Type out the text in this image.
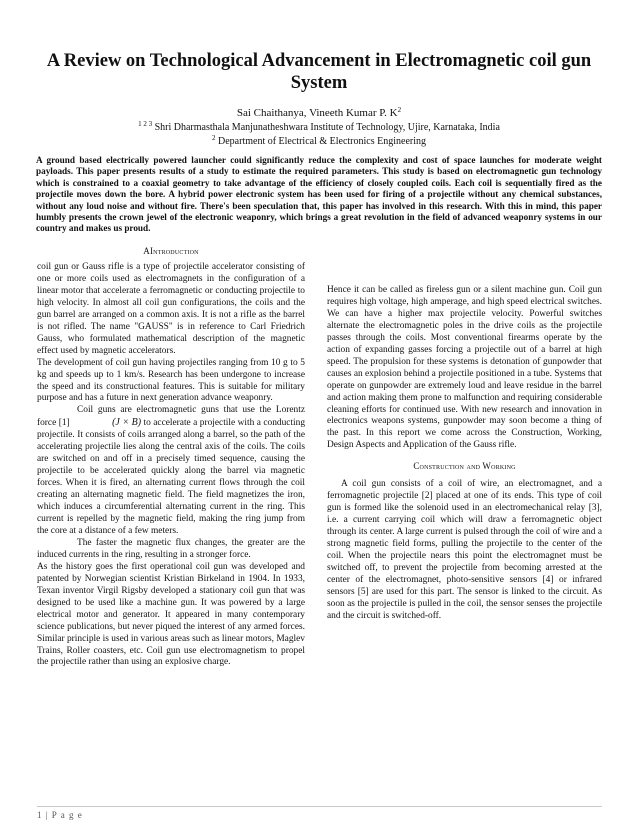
A Review on Technological Advancement in Electromagnetic coil gun System
Sai Chaithanya, Vineeth Kumar P. $K^2$
$^{1 2 3}$ Shri Dharmasthala Manjunatheshwara Institute of Technology, Ujire, Karnataka, India
$^2$ Department of Electrical & Electronics Engineering

A ground based electrically powered launcher could significantly reduce the complexity and cost of space launches for moderate weight payloads. This paper presents results of a study to estimate the required parameters. This study is based on electromagnetic gun technology which is constrained to a coaxial geometry to take advantage of the efficiency of closely coupled coils. Each coil is sequentially fired as the projectile moves down the bore. A hybrid power electronic system has been used for firing of a projectile without any chemical substances, without any loud noise and without fire. There's been speculation that, this paper has involved in this research. With this in mind, this paper humbly presents the crown jewel of the electronic weaponry, which brings a great revolution in the field of advanced weaponry systems in our country and makes us proud.

AIntroduction

coil gun or Gauss rifle is a type of projectile accelerator consisting of one or more coils used as electromagnets in the configuration of a linear motor that accelerate a ferromagnetic or conducting projectile to high velocity. In almost all coil gun configurations, the coils and the gun barrel are arranged on a common axis. It is not a rifle as the barrel is not rifled. The name "GAUSS" is in reference to Carl Friedrich Gauss, who formulated mathematical description of the magnetic effect used by magnetic accelerators.

The development of coil gun having projectiles ranging from 10 g to 5 kg and speeds up to 1 km/s. Research has been undergone to increase the speed and its constructional features. This is suitable for military purpose and has a future in next generation advance weaponry.

Coil guns are electromagnetic guns that use the Lorentz force [1]	(J × B) to accelerate a projectile with a conducting projectile. It consists of coils arranged along a barrel, so the path of the accelerating projectile lies along the central axis of the coils. The coils are switched on and off in a precisely timed sequence, causing the projectile to be accelerated quickly along the barrel via magnetic forces. When it is fired, an alternating current flows through the coil creating an alternating magnetic field. The field magnetizes the iron, which induces a circumferential alternating current in the ring. This current is repelled by the magnetic field, making the ring jump from the core at a distance of a few meters.

The faster the magnetic flux changes, the greater are the induced currents in the ring, resulting in a stronger force.

As the history goes the first operational coil gun was developed and patented by Norwegian scientist Kristian Birkeland in 1904. In 1933, Texan inventor Virgil Rigsby developed a stationary coil gun that was designed to be used like a machine gun. It was powered by a large electrical motor and generator. It appeared in many contemporary science publications, but never piqued the interest of any armed forces. Similar principle is used in various areas such as linear motors, Maglev Trains, Roller coasters, etc. Coil gun use electromagnetism to propel the projectile rather than using an explosive charge.

Hence it can be called as fireless gun or a silent machine gun. Coil gun requires high voltage, high amperage, and high speed electrical switches. We can have a higher max projectile velocity. Powerful switches alternate the electromagnetic poles in the drive coils as the projectile passes through the coils. Most conventional firearms operate by the action of expanding gasses forcing a projectile out of a barrel at high speed. The propulsion for these systems is detonation of gunpowder that causes an explosion behind a projectile positioned in a tube. Systems that operate on gunpowder are extremely loud and leave residue in the barrel and action making them prone to malfunction and requiring considerable cleaning efforts for continued use. With new research and innovation in electronics weapons systems, gunpowder may soon become a thing of the past. In this report we come across the Construction, Working, Design Aspects and Application of the Gauss rifle.

Construction and Working

A coil gun consists of a coil of wire, an electromagnet, and a ferromagnetic projectile [2] placed at one of its ends. This type of coil gun is formed like the solenoid used in an electromechanical relay [3], i.e. a current carrying coil which will draw a ferromagnetic object through its center. A large current is pulsed through the coil of wire and a strong magnetic field forms, pulling the projectile to the center of the coil. When the projectile nears this point the electromagnet must be switched off, to prevent the projectile from becoming arrested at the center of the electromagnet, photo-sensitive sensors [4] or infrared sensors [5] are used for this part. The sensor is linked to the circuit. As soon as the projectile is pulled in the coil, the sensor senses the projectile and the circuit is switched-off.

1 | P a g e
